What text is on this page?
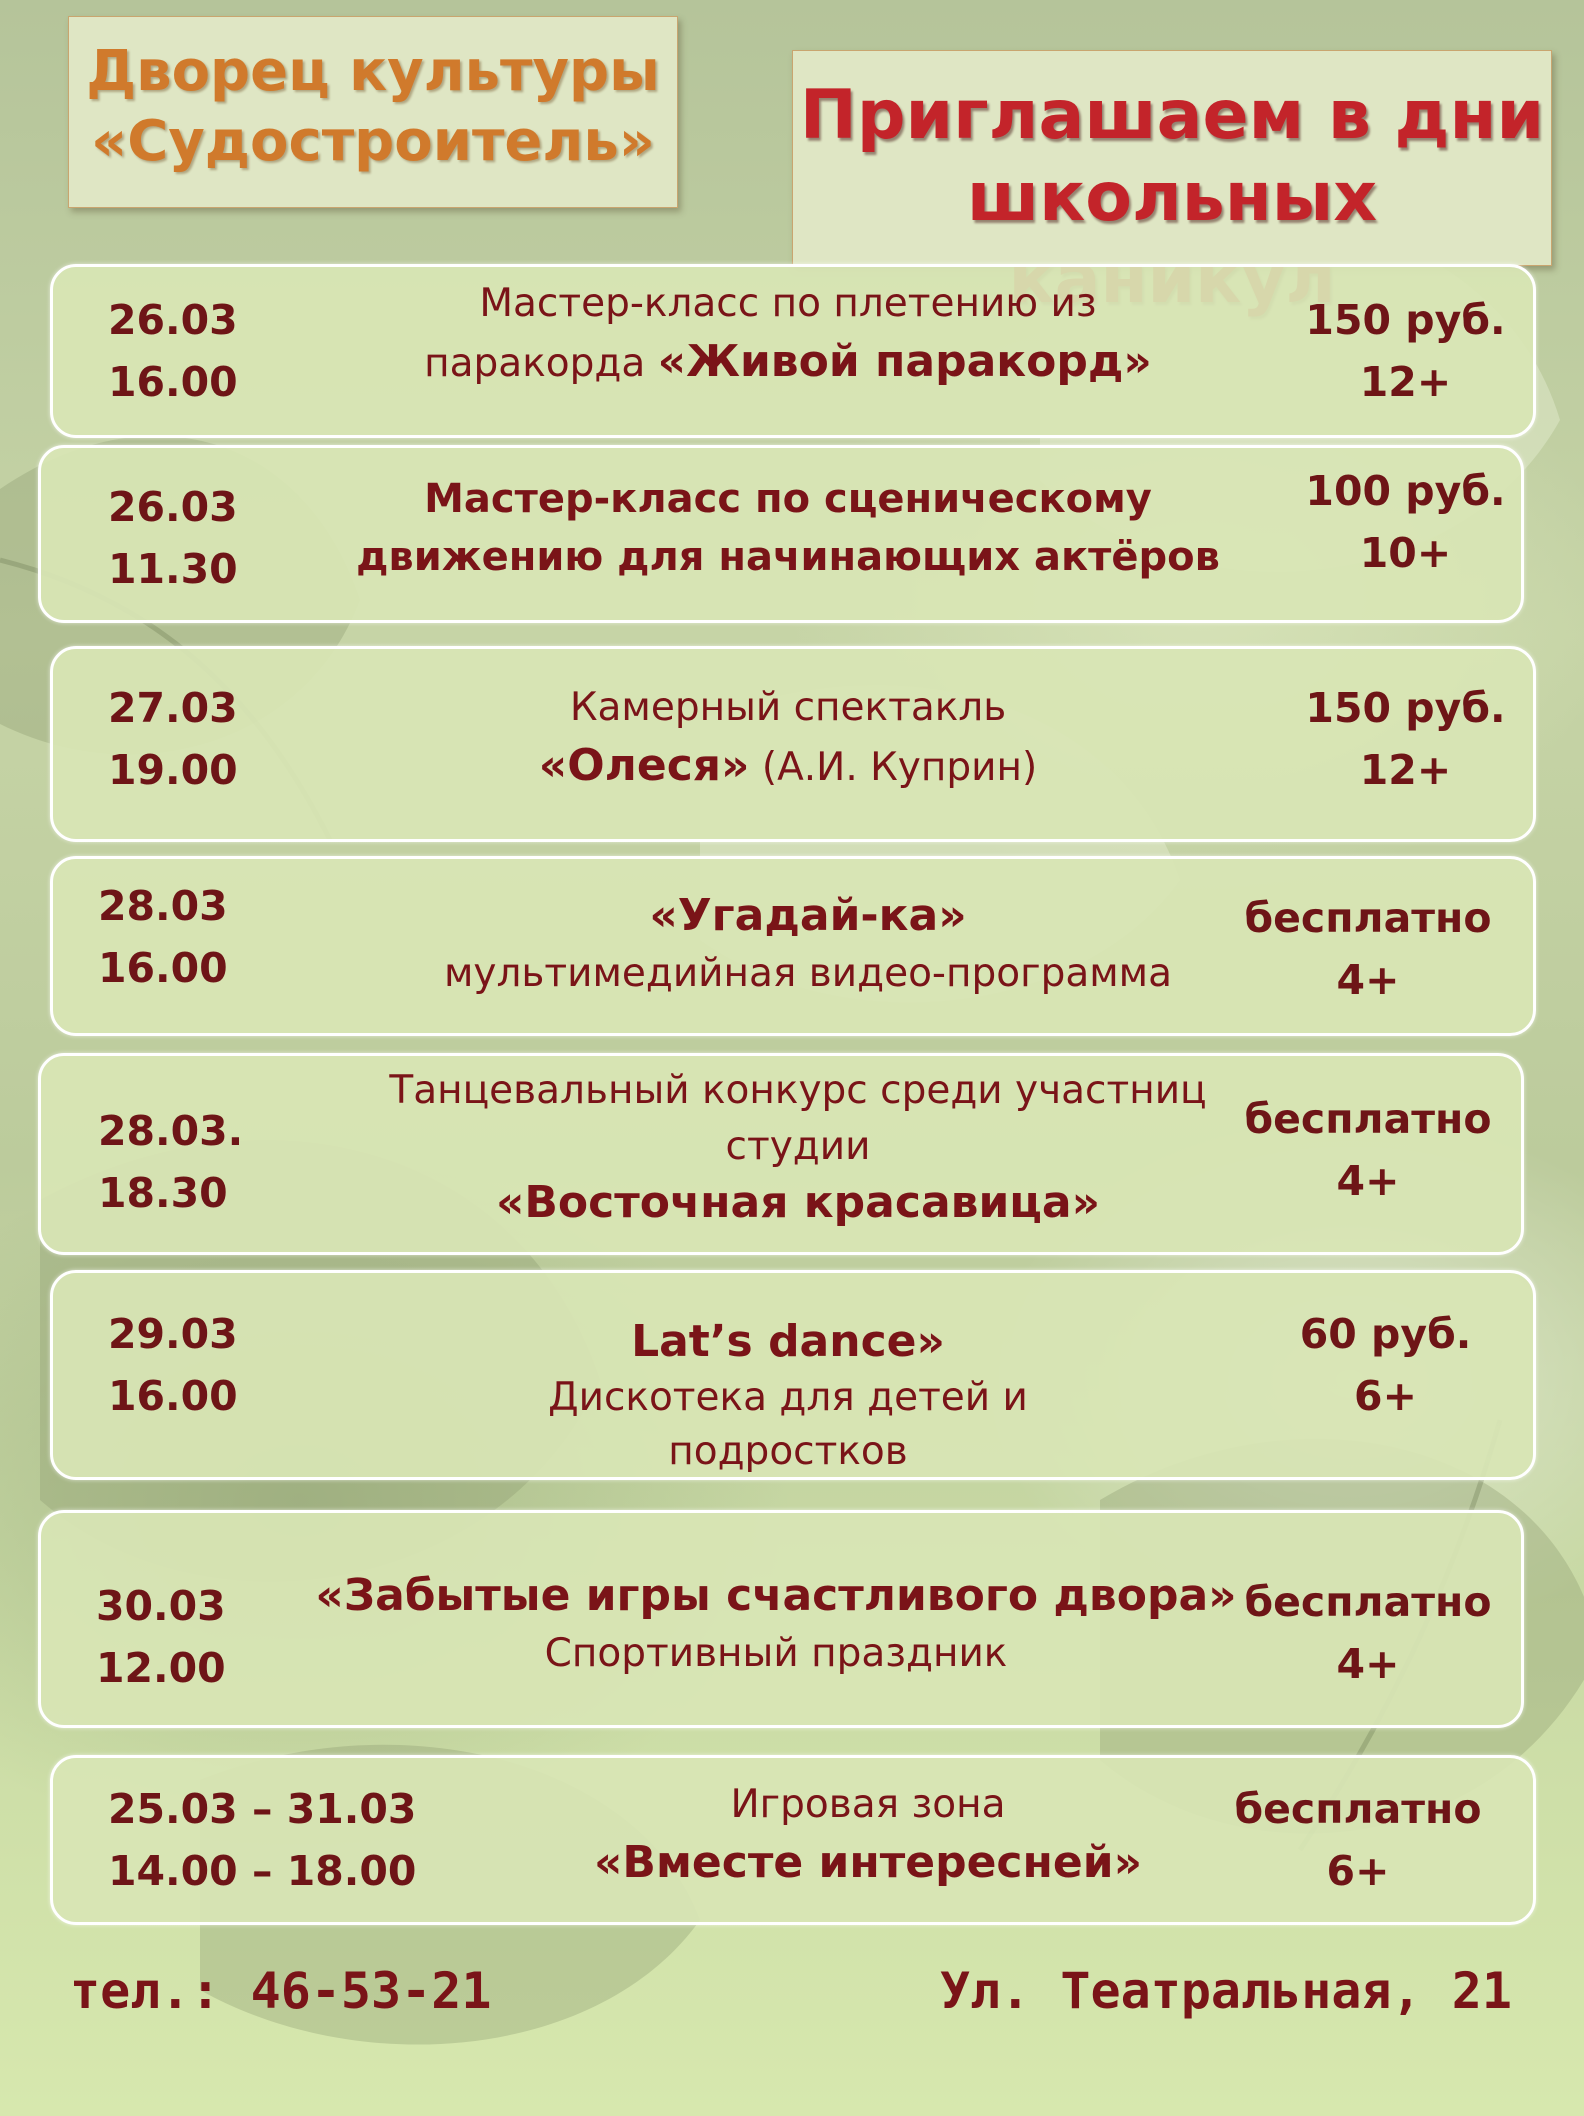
Дворец культуры
«Судостроитель»	Приглашаем в дни
школьных
26.03
16.00
Мастер-класс по плетению из
паракорда «Живой паракорд»
150 руб.
12+
26.03
11.30
Мастер-класс по сценическому
движению для начинающих актёров
100 руб.
10+
27.03
19.00
Камерный спектакль
«Олеся» (А.И. Куприн)
150 руб.
12+
28.03
16.00
«Угадай-ка»
мультимедийная видео-программа
бесплатно
4+
28.03.
18.30
Танцевальный конкурс среди участниц
студии
«Восточная красавица»
бесплатно
4+
29.03
16.00
Lat’s dance»
Дискотека для детей и
подростков
60 руб.
6+
30.03
12.00
«Забытые игры счастливого двора»
Спортивный праздник
бесплатно
4+
25.03 – 31.03
14.00 – 18.00
Игровая зона
«Вместе интересней»
бесплатно
6+
тел.: 46-53-21	Ул. Театральная, 21
